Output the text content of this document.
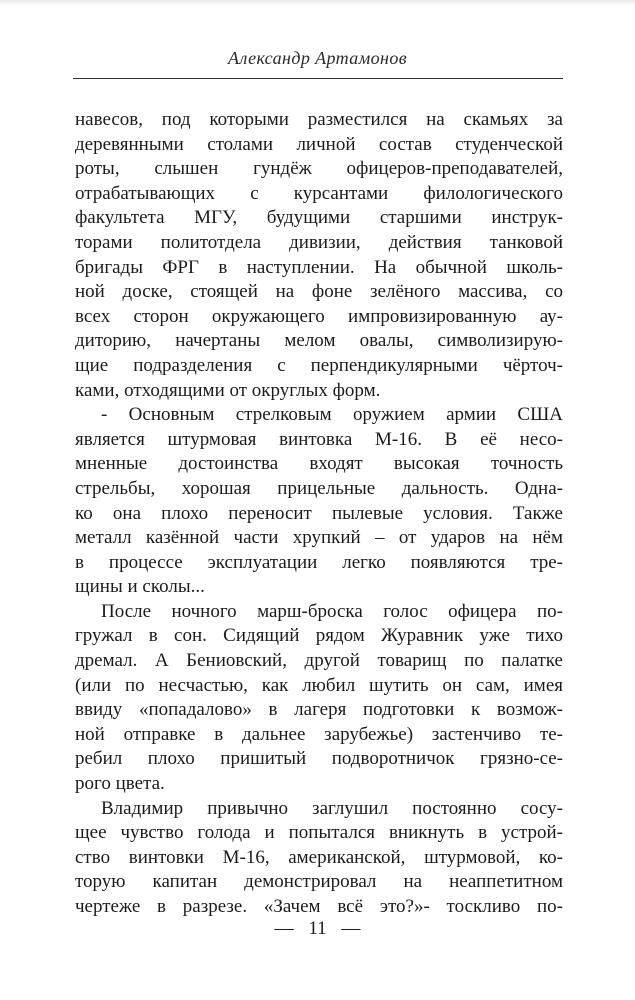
Александр Артамонов
навесов, под которыми разместился на скамьях за
деревянными столами личной состав студенческой
роты, слышен гундёж офицеров-преподавателей,
отрабатывающих с курсантами филологического
факультета МГУ, будущими старшими инструк-
торами политотдела дивизии, действия танковой
бригады ФРГ в наступлении. На обычной школь-
ной доске, стоящей на фоне зелёного массива, со
всех сторон окружающего импровизированную ау-
диторию, начертаны мелом овалы, символизирую-
щие подразделения с перпендикулярными чёрточ-
ками, отходящими от округлых форм.
- Основным стрелковым оружием армии США
является штурмовая винтовка М-16. В её несо-
мненные достоинства входят высокая точность
стрельбы, хорошая прицельные дальность. Однa-
ко она плохо переносит пылевые условия. Также
металл казённой части хрупкий – от ударов на нём
в процессе эксплуатации легко появляются тре-
щины и сколы...
После ночного марш-броска голос офицера по-
гружал в сон. Сидящий рядом Журавник уже тихо
дремал. А Бениовский, другой товарищ по палатке
(или по несчастью, как любил шутить он сам, имея
ввиду «попадалово» в лагеря подготовки к возмож-
ной отправке в дальнее зарубежье) застенчиво те-
ребил плохо пришитый подворотничок грязно-се-
рого цвета.
Владимир привычно заглушил постоянно сосу-
щее чувство голода и попытался вникнуть в устрой-
ство винтовки М-16, американской, штурмовой, ко-
торую капитан демонстрировал на неаппетитном
чертеже в разрезе. «Зачем всё это?»- тоскливо по-
— 11 —
